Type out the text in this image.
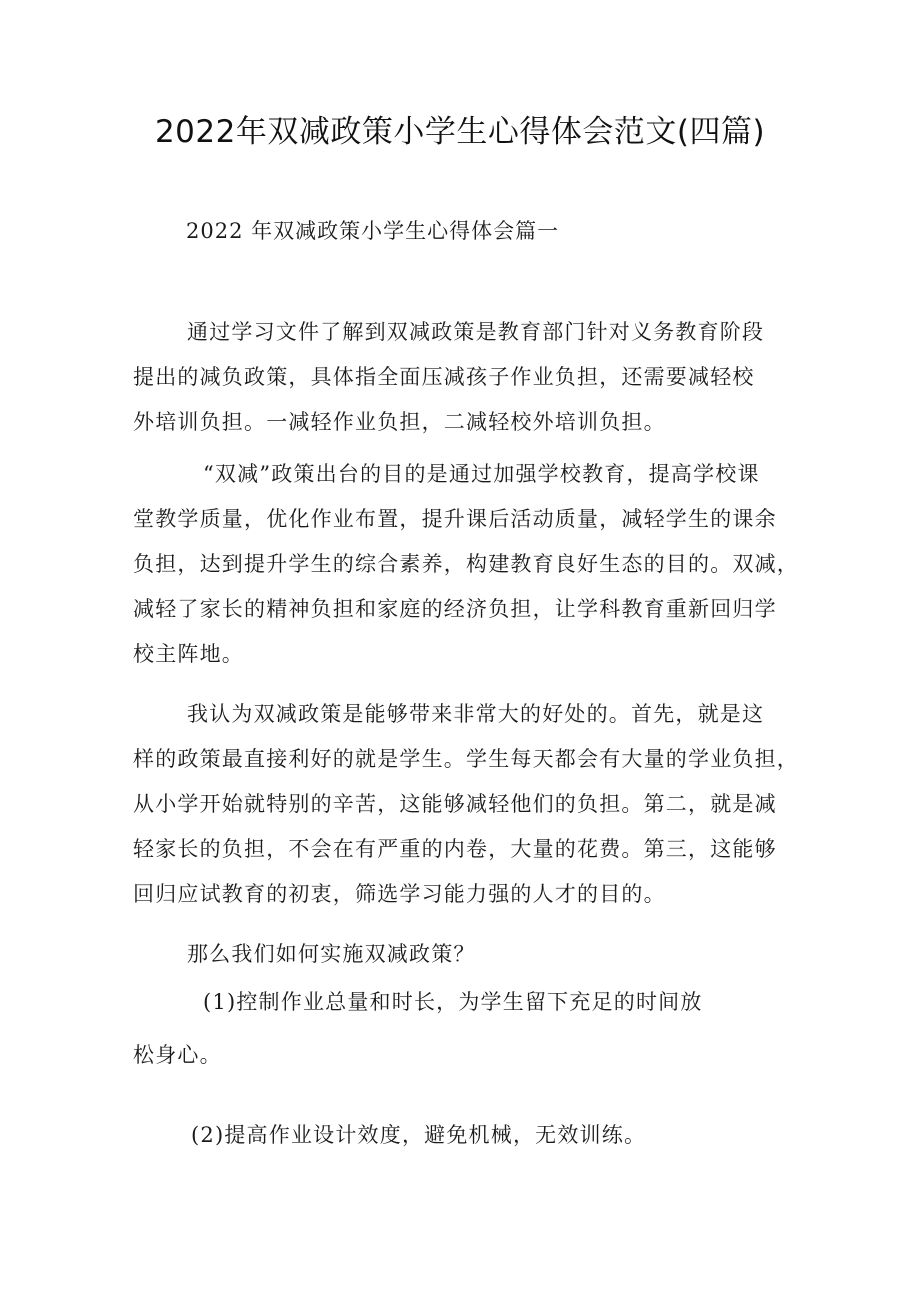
2022年双减政策小学生心得体会范文(四篇)
2022 年双减政策小学生心得体会篇一
通过学习文件了解到双减政策是教育部门针对义务教育阶段
提出的减负政策，具体指全面压减孩子作业负担，还需要减轻校
外培训负担。一减轻作业负担，二减轻校外培训负担。
“双减”政策出台的目的是通过加强学校教育，提高学校课
堂教学质量，优化作业布置，提升课后活动质量，减轻学生的课余
负担，达到提升学生的综合素养，构建教育良好生态的目的。双减，
减轻了家长的精神负担和家庭的经济负担，让学科教育重新回归学
校主阵地。
我认为双减政策是能够带来非常大的好处的。首先，就是这
样的政策最直接利好的就是学生。学生每天都会有大量的学业负担，
从小学开始就特别的辛苦，这能够减轻他们的负担。第二，就是减
轻家长的负担，不会在有严重的内卷，大量的花费。第三，这能够
回归应试教育的初衷，筛选学习能力强的人才的目的。
那么我们如何实施双减政策？
(1)控制作业总量和时长，为学生留下充足的时间放
松身心。
(2)提高作业设计效度，避免机械，无效训练。
